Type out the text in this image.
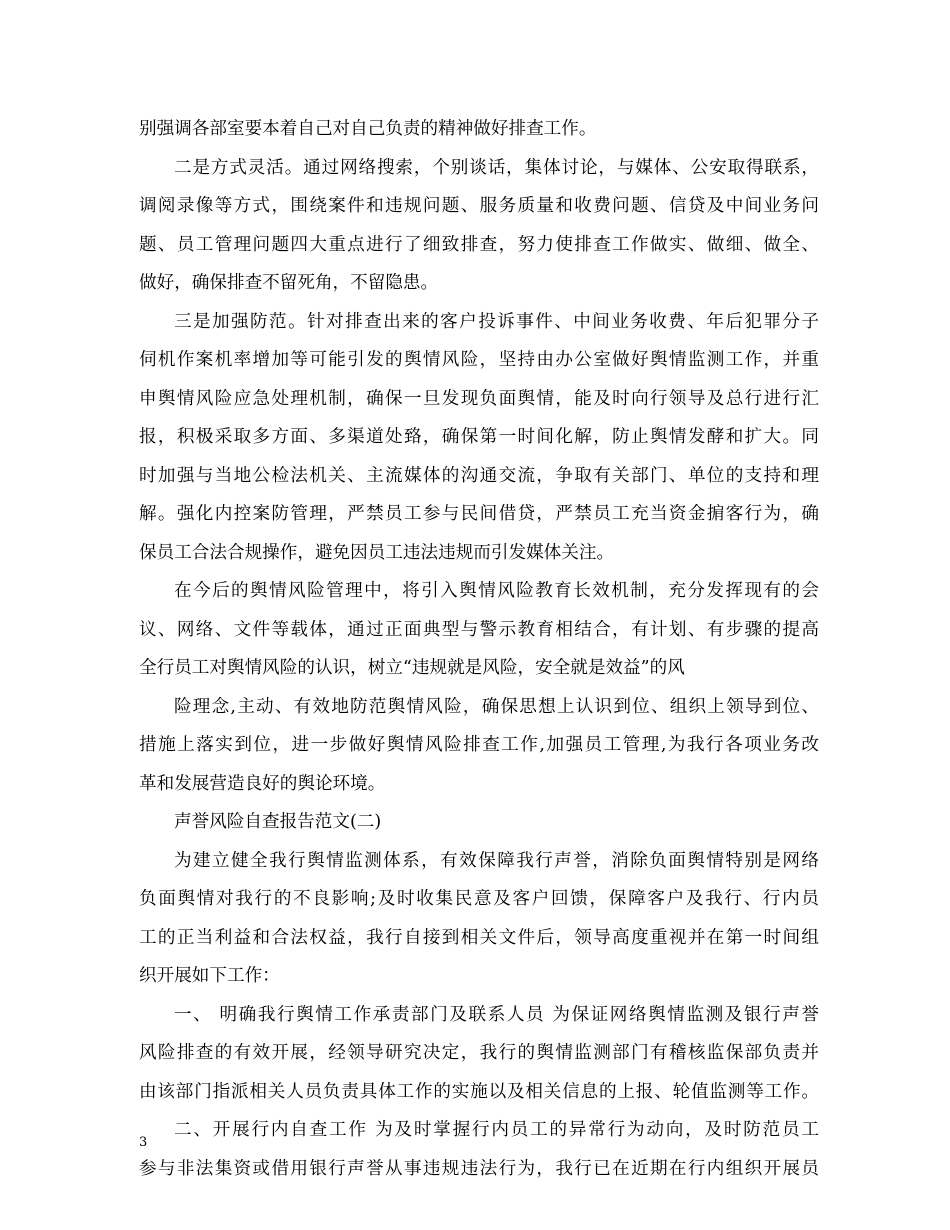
别强调各部室要本着自己对自己负责的精神做好排查工作。
二是方式灵活。通过网络搜索，个别谈话，集体讨论，与媒体、公安取得联系，
调阅录像等方式，围绕案件和违规问题、服务质量和收费问题、信贷及中间业务问
题、员工管理问题四大重点进行了细致排查，努力使排查工作做实、做细、做全、
做好，确保排查不留死角，不留隐患。
三是加强防范。针对排查出来的客户投诉事件、中间业务收费、年后犯罪分子
伺机作案机率增加等可能引发的舆情风险，坚持由办公室做好舆情监测工作，并重
申舆情风险应急处理机制，确保一旦发现负面舆情，能及时向行领导及总行进行汇
报，积极采取多方面、多渠道处臵，确保第一时间化解，防止舆情发酵和扩大。同
时加强与当地公检法机关、主流媒体的沟通交流，争取有关部门、单位的支持和理
解。强化内控案防管理，严禁员工参与民间借贷，严禁员工充当资金掮客行为，确
保员工合法合规操作，避免因员工违法违规而引发媒体关注。
在今后的舆情风险管理中，将引入舆情风险教育长效机制，充分发挥现有的会
议、网络、文件等载体，通过正面典型与警示教育相结合，有计划、有步骤的提高
全行员工对舆情风险的认识，树立“违规就是风险，安全就是效益”的风
险理念,主动、有效地防范舆情风险，确保思想上认识到位、组织上领导到位、
措施上落实到位，进一步做好舆情风险排查工作,加强员工管理,为我行各项业务改
革和发展营造良好的舆论环境。
声誉风险自查报告范文(二)
为建立健全我行舆情监测体系，有效保障我行声誉，消除负面舆情特别是网络
负面舆情对我行的不良影响;及时收集民意及客户回馈，保障客户及我行、行内员
工的正当利益和合法权益，我行自接到相关文件后，领导高度重视并在第一时间组
织开展如下工作：
一、 明确我行舆情工作承责部门及联系人员 为保证网络舆情监测及银行声誉
风险排查的有效开展，经领导研究决定，我行的舆情监测部门有稽核监保部负责并
由该部门指派相关人员负责具体工作的实施以及相关信息的上报、轮值监测等工作。
二、开展行内自查工作 为及时掌握行内员工的异常行为动向，及时防范员工
参与非法集资或借用银行声誉从事违规违法行为，我行已在近期在行内组织开展员
3
